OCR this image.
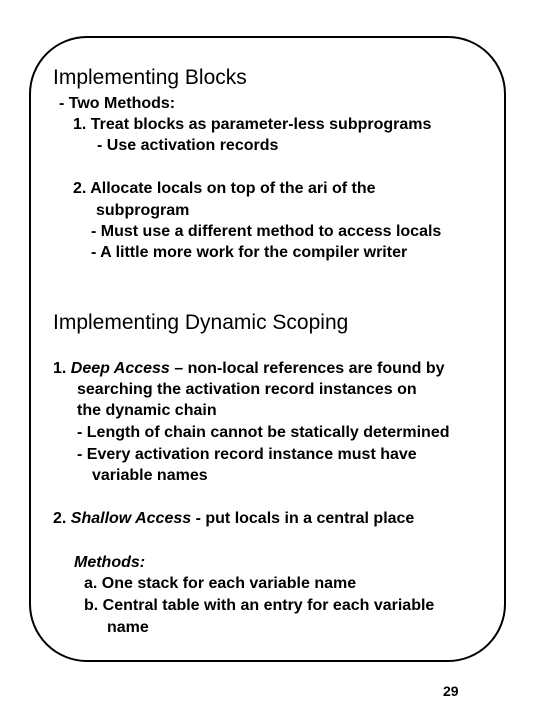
Implementing Blocks
- Two Methods:
1. Treat blocks as parameter-less subprograms
- Use activation records
2. Allocate locals on top of the ari of the
subprogram
- Must use a different method to access locals
- A little more work for the compiler writer
Implementing Dynamic Scoping
1. Deep Access – non-local references are found by
searching the activation record instances on
the dynamic chain
- Length of chain cannot be statically determined
- Every activation record instance must have
variable names
2. Shallow Access - put locals in a central place
Methods:
a. One stack for each variable name
b. Central table with an entry for each variable
name
29
